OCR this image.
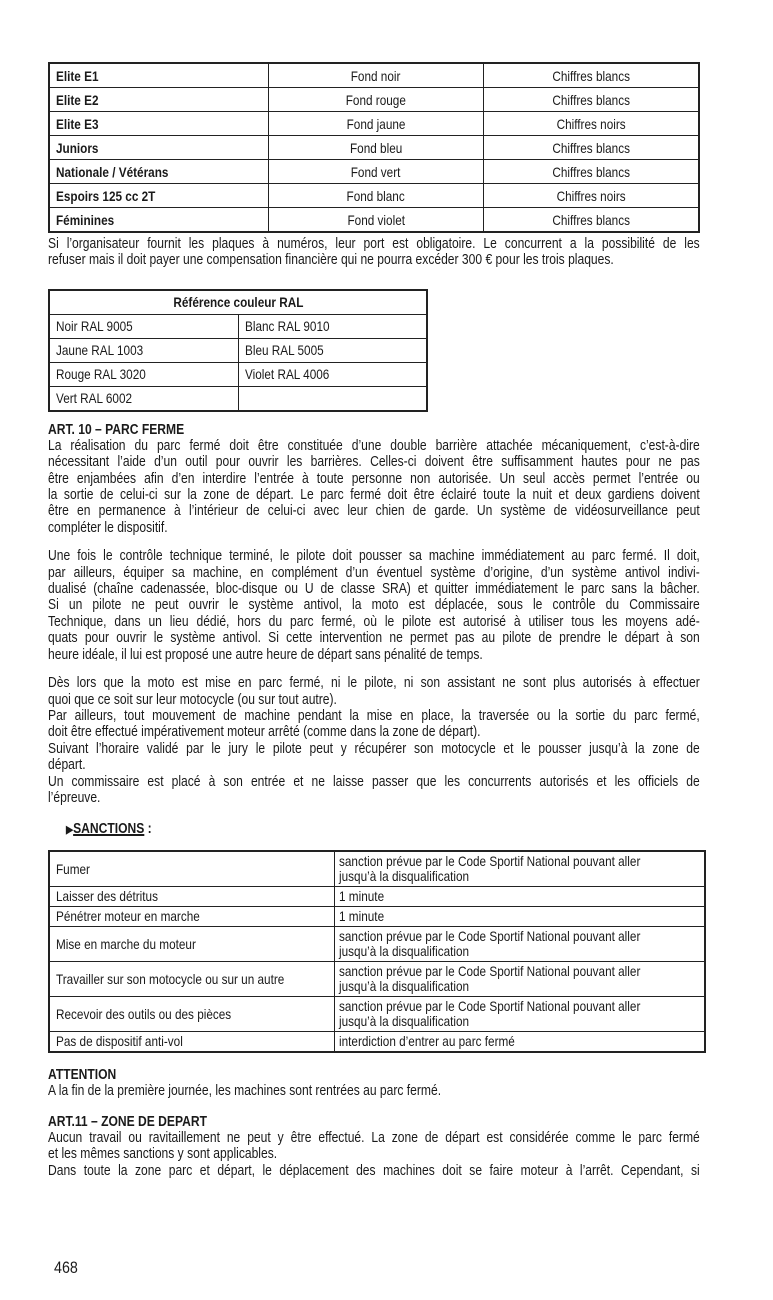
Elite E1	Fond noir	Chiffres blancs
Elite E2	Fond rouge	Chiffres blancs
Elite E3	Fond jaune	Chiffres noirs
Juniors	Fond bleu	Chiffres blancs
Nationale / Vétérans	Fond vert	Chiffres blancs
Espoirs 125 cc 2T	Fond blanc	Chiffres noirs
Féminines	Fond violet	Chiffres blancs
Si l’organisateur fournit les plaques à numéros, leur port est obligatoire. Le concurrent a la possibilité de les
refuser mais il doit payer une compensation financière qui ne pourra excéder 300 € pour les trois plaques.
Référence couleur RAL	
Noir RAL 9005	Blanc RAL 9010
Jaune RAL 1003	Bleu RAL 5005
Rouge RAL 3020	Violet RAL 4006
Vert RAL 6002	
ART. 10 – PARC FERME
La réalisation du parc fermé doit être constituée d’une double barrière attachée mécaniquement, c’est-à-dire
nécessitant l’aide d’un outil pour ouvrir les barrières. Celles-ci doivent être suffisamment hautes pour ne pas
être enjambées afin d’en interdire l’entrée à toute personne non autorisée. Un seul accès permet l’entrée ou
la sortie de celui-ci sur la zone de départ. Le parc fermé doit être éclairé toute la nuit et deux gardiens doivent
être en permanence à l’intérieur de celui-ci avec leur chien de garde. Un système de vidéosurveillance peut
compléter le dispositif.
Une fois le contrôle technique terminé, le pilote doit pousser sa machine immédiatement au parc fermé. Il doit,
par ailleurs, équiper sa machine, en complément d’un éventuel système d’origine, d’un système antivol indivi-
dualisé (chaîne cadenassée, bloc-disque ou U de classe SRA) et quitter immédiatement le parc sans la bâcher.
Si un pilote ne peut ouvrir le système antivol, la moto est déplacée, sous le contrôle du Commissaire
Technique, dans un lieu dédié, hors du parc fermé, où le pilote est autorisé à utiliser tous les moyens adé-
quats pour ouvrir le système antivol. Si cette intervention ne permet pas au pilote de prendre le départ à son
heure idéale, il lui est proposé une autre heure de départ sans pénalité de temps.
Dès lors que la moto est mise en parc fermé, ni le pilote, ni son assistant ne sont plus autorisés à effectuer
quoi que ce soit sur leur motocycle (ou sur tout autre).
Par ailleurs, tout mouvement de machine pendant la mise en place, la traversée ou la sortie du parc fermé,
doit être effectué impérativement moteur arrêté (comme dans la zone de départ).
Suivant l’horaire validé par le jury le pilote peut y récupérer son motocycle et le pousser jusqu’à la zone de
départ.
Un commissaire est placé à son entrée et ne laisse passer que les concurrents autorisés et les officiels de
l’épreuve.
▶SANCTIONS :
Fumer	sanction prévue par le Code Sportif National pouvant aller
jusqu’à la disqualification

Laisser des détritus	1 minute
Pénétrer moteur en marche	1 minute
Mise en marche du moteur	sanction prévue par le Code Sportif National pouvant aller
jusqu’à la disqualification

Travailler sur son motocycle ou sur un autre	sanction prévue par le Code Sportif National pouvant aller
jusqu’à la disqualification

Recevoir des outils ou des pièces	sanction prévue par le Code Sportif National pouvant aller
jusqu’à la disqualification

Pas de dispositif anti-vol	interdiction d’entrer au parc fermé
ATTENTION
A la fin de la première journée, les machines sont rentrées au parc fermé.
ART.11 – ZONE DE DEPART
Aucun travail ou ravitaillement ne peut y être effectué. La zone de départ est considérée comme le parc fermé
et les mêmes sanctions y sont applicables.
Dans toute la zone parc et départ, le déplacement des machines doit se faire moteur à l’arrêt. Cependant, si
468
